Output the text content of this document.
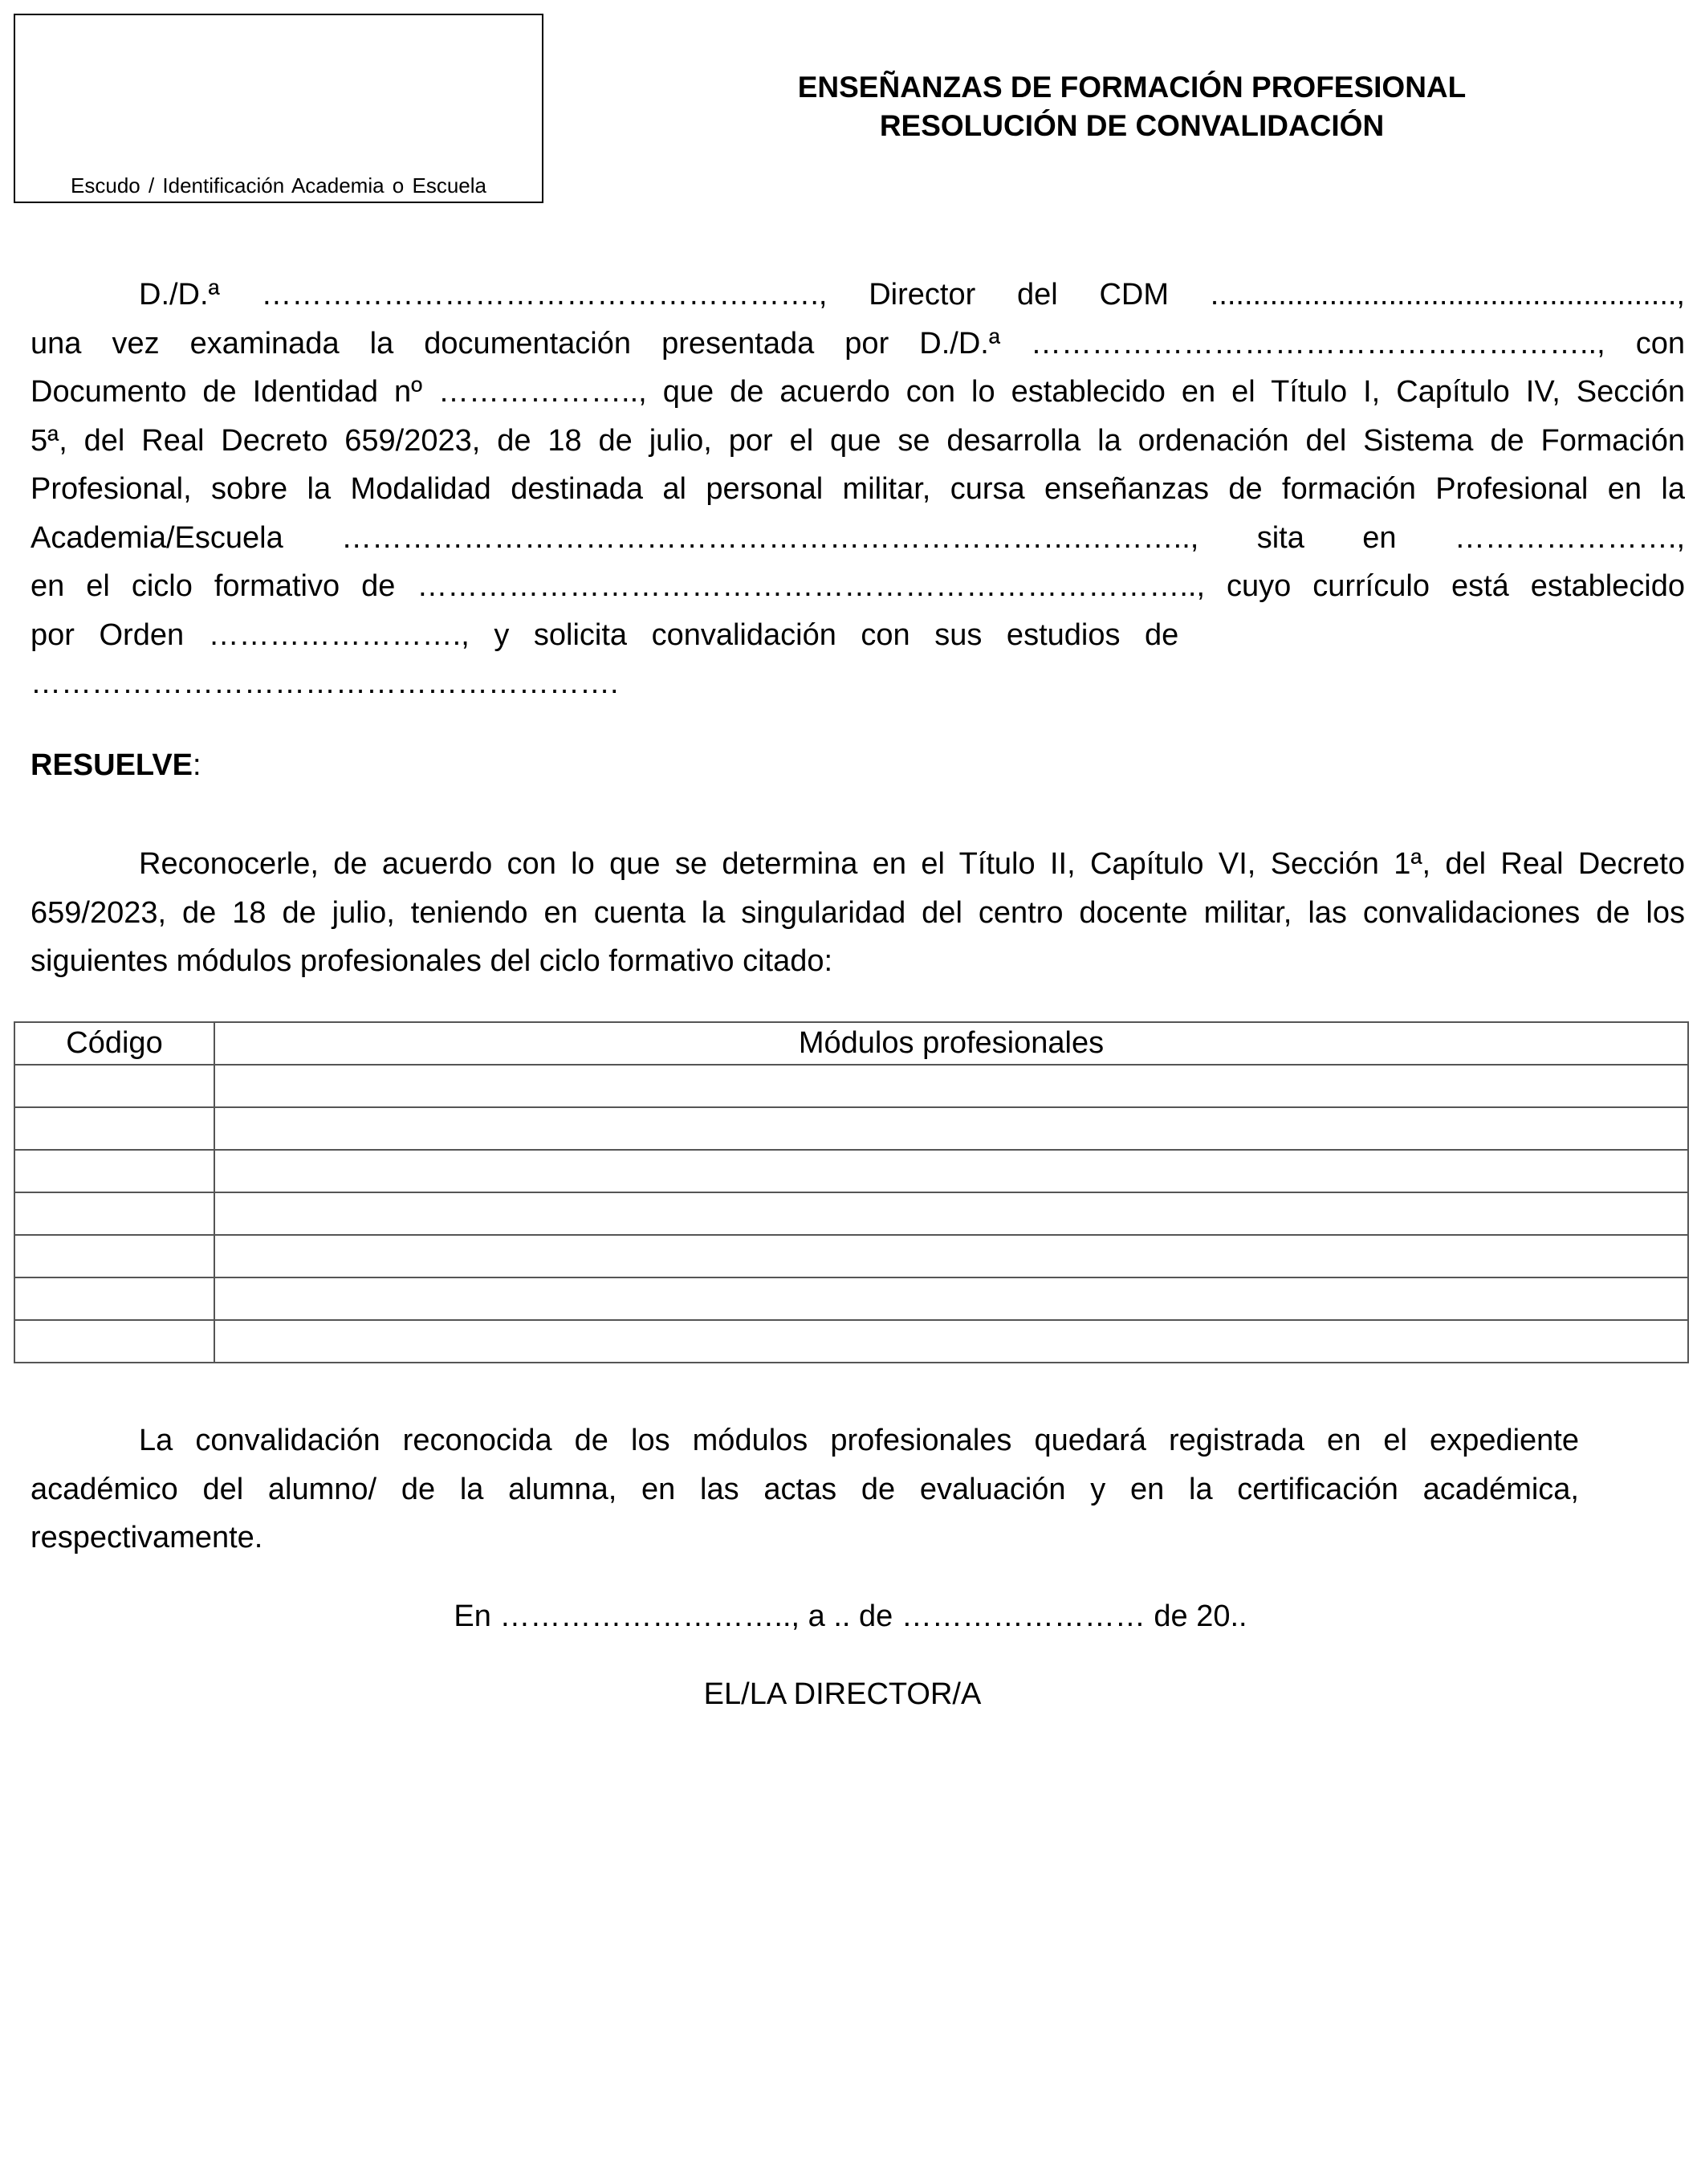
Escudo / Identificación Academia o Escuela
ENSEÑANZAS DE FORMACIÓN PROFESIONAL
RESOLUCIÓN DE CONVALIDACIÓN
D./D.ª ………………………………………………., Director del CDM .......................................................,
una vez examinada la documentación presentada por D./D.ª ……………………………………………….., con
Documento de Identidad nº ……………….., que de acuerdo con lo establecido en el Título I, Capítulo IV, Sección
5ª, del Real Decreto 659/2023, de 18 de julio, por el que se desarrolla la ordenación del Sistema de Formación
Profesional, sobre la Modalidad destinada al personal militar, cursa enseñanzas de formación Profesional en la
Academia/Escuela ……………………………………………………………….……….., sita en ………………….,
en el ciclo formativo de ………………………………………………………………….., cuyo currículo está establecido
por Orden ……………………., y solicita convalidación con sus estudios de
………………………………………………….
RESUELVE:
Reconocerle, de acuerdo con lo que se determina en el Título II, Capítulo VI, Sección 1ª, del Real Decreto
659/2023, de 18 de julio, teniendo en cuenta la singularidad del centro docente militar, las convalidaciones de los
siguientes módulos profesionales del ciclo formativo citado:
Código	Módulos profesionales

La convalidación reconocida de los módulos profesionales quedará registrada en el expediente
académico del alumno/ de la alumna, en las actas de evaluación y en la certificación académica,
respectivamente.
En ……………………….., a .. de …………………… de 20..
EL/LA DIRECTOR/A
